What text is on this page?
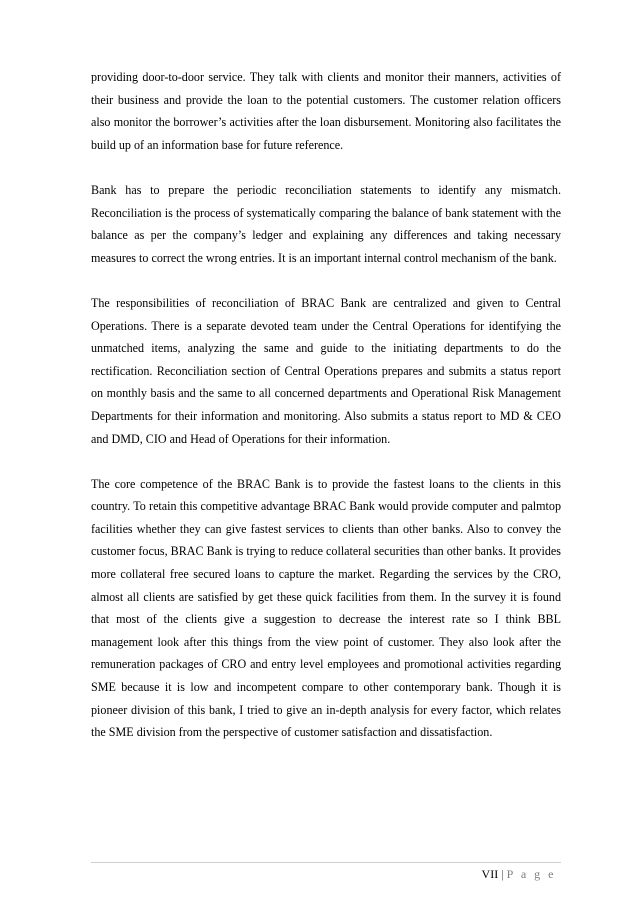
providing door-to-door service. They talk with clients and monitor their manners, activities of their business and provide the loan to the potential customers. The customer relation officers also monitor the borrower’s activities after the loan disbursement. Monitoring also facilitates the build up of an information base for future reference.

Bank has to prepare the periodic reconciliation statements to identify any mismatch. Reconciliation is the process of systematically comparing the balance of bank statement with the balance as per the company’s ledger and explaining any differences and taking necessary measures to correct the wrong entries. It is an important internal control mechanism of the bank.

The responsibilities of reconciliation of BRAC Bank are centralized and given to Central Operations. There is a separate devoted team under the Central Operations for identifying the unmatched items, analyzing the same and guide to the initiating departments to do the rectification. Reconciliation section of Central Operations prepares and submits a status report on monthly basis and the same to all concerned departments and Operational Risk Management Departments for their information and monitoring. Also submits a status report to MD & CEO and DMD, CIO and Head of Operations for their information.

The core competence of the BRAC Bank is to provide the fastest loans to the clients in this country. To retain this competitive advantage BRAC Bank would provide computer and palmtop facilities whether they can give fastest services to clients than other banks. Also to convey the customer focus, BRAC Bank is trying to reduce collateral securities than other banks. It provides more collateral free secured loans to capture the market. Regarding the services by the CRO, almost all clients are satisfied by get these quick facilities from them. In the survey it is found that most of the clients give a suggestion to decrease the interest rate so I think BBL management look after this things from the view point of customer. They also look after the remuneration packages of CRO and entry level employees and promotional activities regarding SME because it is low and incompetent compare to other contemporary bank. Though it is pioneer division of this bank, I tried to give an in-depth analysis for every factor, which relates the SME division from the perspective of customer satisfaction and dissatisfaction.

VII | P a g e
